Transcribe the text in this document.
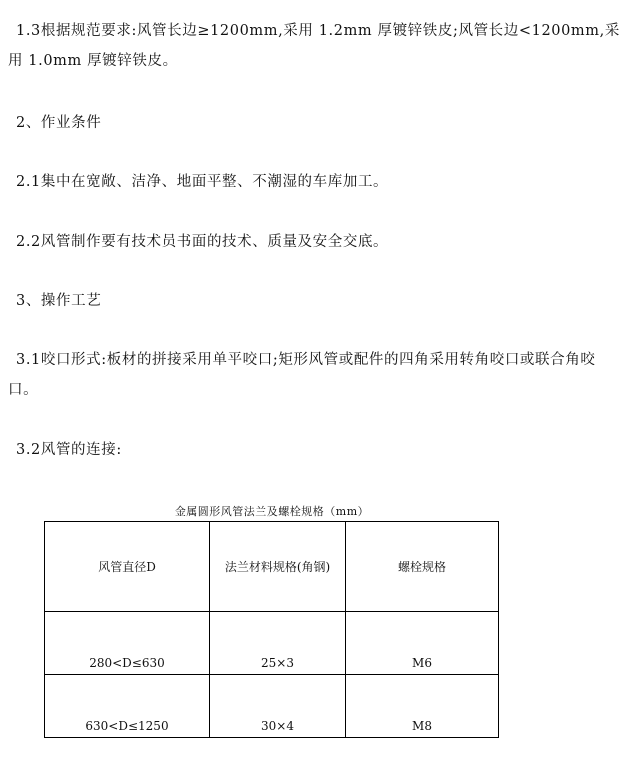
1.3根据规范要求:风管长边≥1200mm,采用 1.2mm 厚镀锌铁皮;风管长边<1200mm,采用 1.0mm 厚镀锌铁皮。

2、作业条件

2.1集中在宽敞、洁净、地面平整、不潮湿的车库加工。

2.2风管制作要有技术员书面的技术、质量及安全交底。

3、操作工艺

3.1咬口形式:板材的拼接采用单平咬口;矩形风管或配件的四角采用转角咬口或联合角咬口。

3.2风管的连接:

金属圆形风管法兰及螺栓规格（mm）
风管直径D	法兰材料规格(角钢)	螺栓规格
280<D≤630	25×3	M6
630<D≤1250	30×4	M8
